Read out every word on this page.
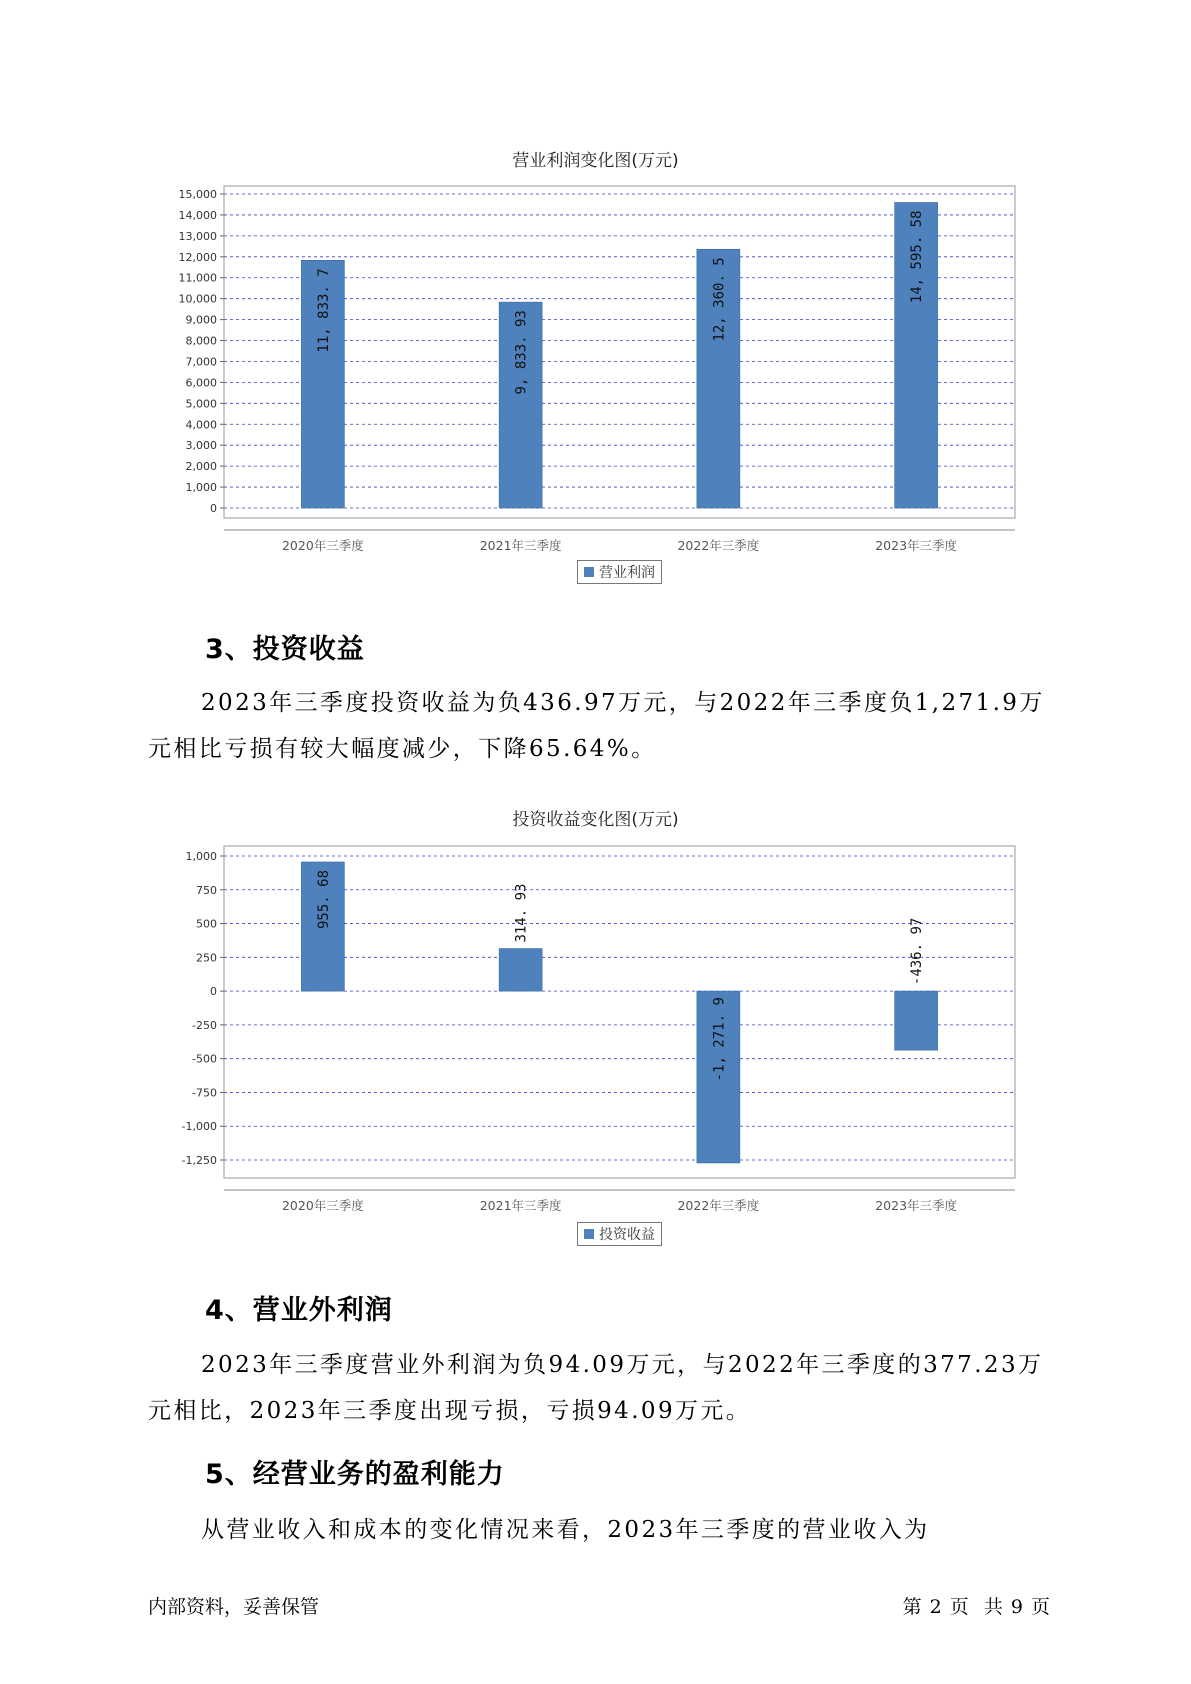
营业利润变化图(万元)
0
1,000
2,000
3,000
4,000
5,000
6,000
7,000
8,000
9,000
10,000
11,000
12,000
13,000
14,000
15,000
11, 833. 7
2020年三季度
9, 833. 93
2021年三季度
12, 360. 5
2022年三季度
14, 595. 58
2023年三季度
营业利润
3、投资收益

2023年三季度投资收益为负436.97万元，与2022年三季度负1,271.9万
元相比亏损有较大幅度减少，下降65.64%。

投资收益变化图(万元)
-1,250
-1,000
-750
-500
-250
0
250
500
750
1,000
955. 68
2020年三季度
314. 93
2021年三季度
-1, 271. 9
2022年三季度
-436. 97
2023年三季度
投资收益
4、营业外利润

2023年三季度营业外利润为负94.09万元，与2022年三季度的377.23万
元相比，2023年三季度出现亏损，亏损94.09万元。

5、经营业务的盈利能力

从营业收入和成本的变化情况来看，2023年三季度的营业收入为

内部资料，妥善保管	第 2 页  共 9 页
